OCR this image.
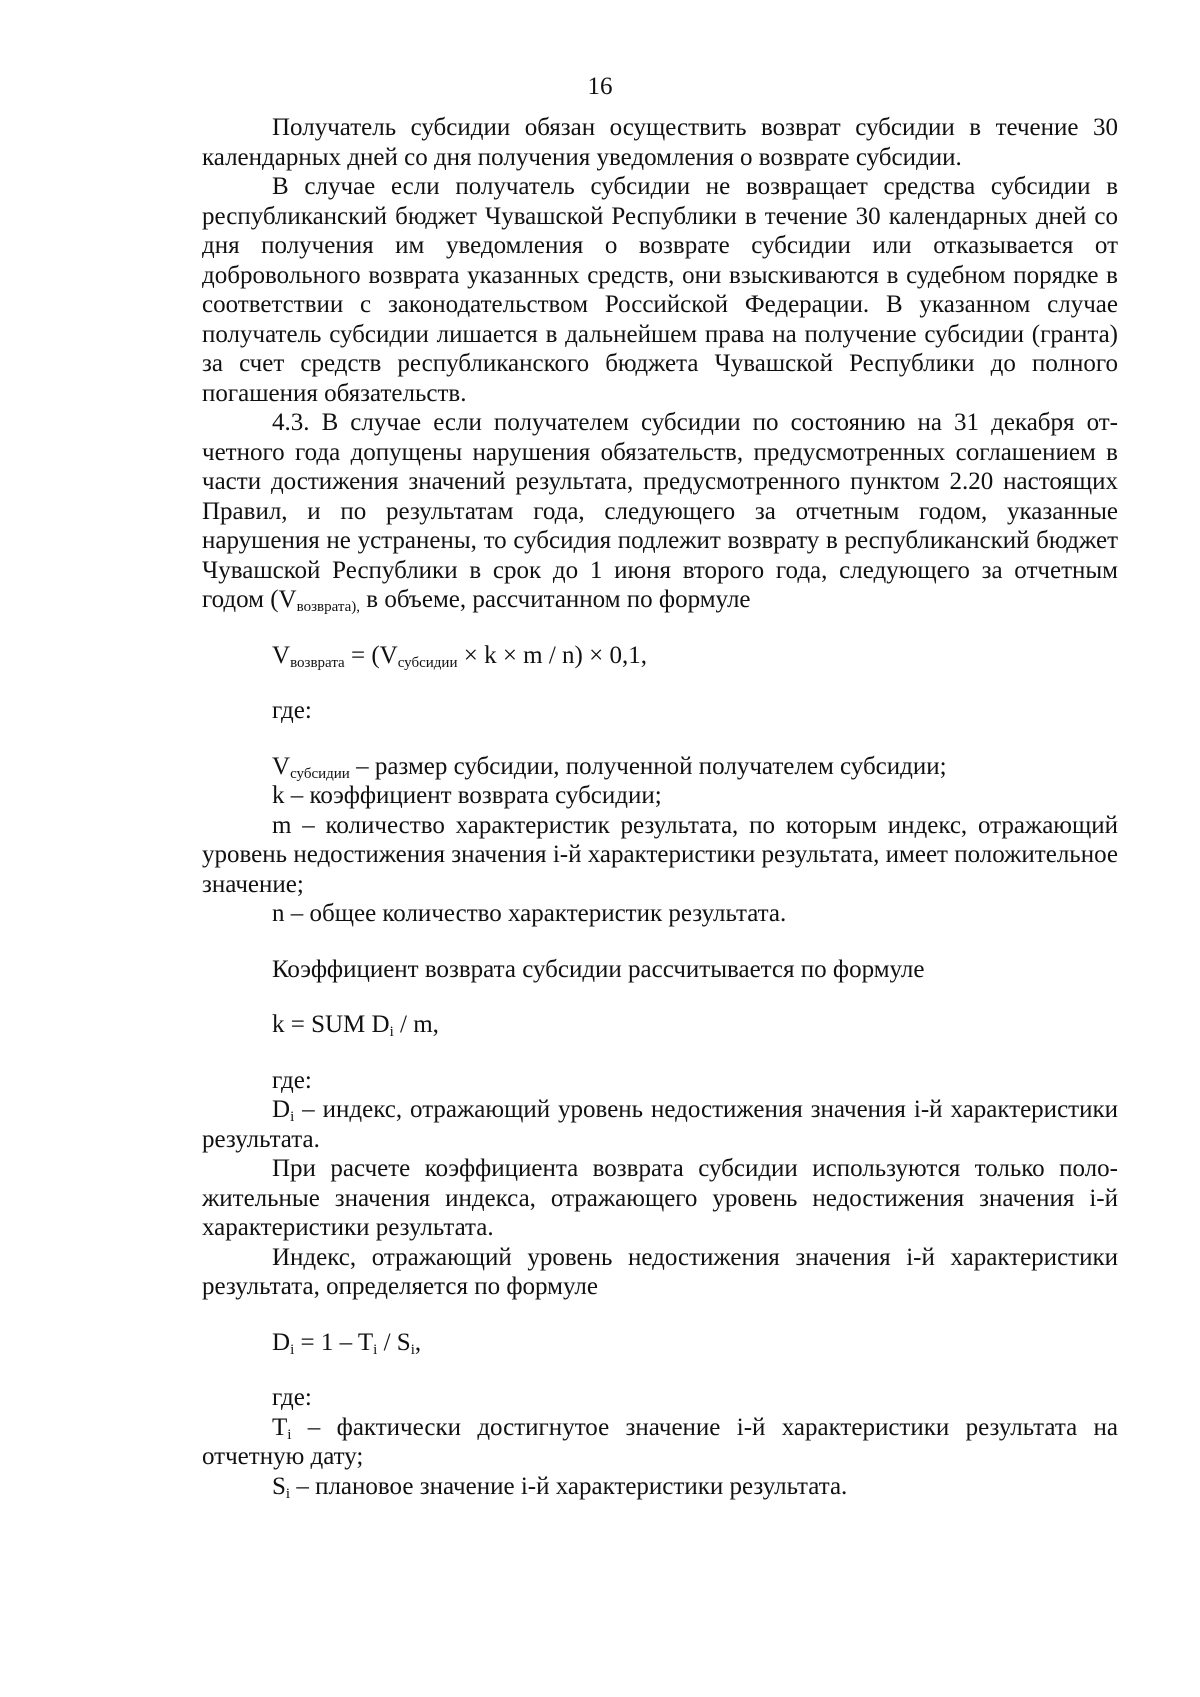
16

Получатель субсидии обязан осуществить возврат субсидии в течение 30 календарных дней со дня получения уведомления о возврате субсидии.

В случае если получатель субсидии не возвращает средства субсидии в республиканский бюджет Чувашской Республики в течение 30 календарных дней со дня получения им уведомления о возврате субсидии или отказывается от добровольного возврата указанных средств, они взыскиваются в судебном порядке в соответствии с законодательством Российской Федерации. В указанном случае получатель субсидии лишается в дальнейшем права на получение субсидии (гранта) за счет средств республиканского бюджета Чувашской Республики до полного погашения обязательств.

4.3. В случае если получателем субсидии по состоянию на 31 декабря отчетного года допущены нарушения обязательств, предусмотренных соглашением в части достижения значений результата, предусмотренного пунктом 2.20 настоящих Правил, и по результатам года, следующего за отчетным годом, указанные нарушения не устранены, то субсидия подлежит возврату в республиканский бюджет Чувашской Республики в срок до 1 июня второго года, следующего за отчетным годом ($V_{возврата),}$ в объеме, рассчитанном по формуле

$V_{возврата} = (V_{субсидии} \times k \times m / n) \times 0,1$,

где:

$V_{субсидии}$ – размер субсидии, полученной получателем субсидии;

k – коэффициент возврата субсидии;

m – количество характеристик результата, по которым индекс, отражающий уровень недостижения значения i-й характеристики результата, имеет положительное значение;

n – общее количество характеристик результата.

Коэффициент возврата субсидии рассчитывается по формуле

k = SUM $D_i$ / m,

где:

$D_i$ – индекс, отражающий уровень недостижения значения i-й характеристики результата.

При расчете коэффициента возврата субсидии используются только положительные значения индекса, отражающего уровень недостижения значения i-й характеристики результата.

Индекс, отражающий уровень недостижения значения i-й характеристики результата, определяется по формуле

$D_i = 1 - T_i / S_i$,

где:

$T_i$ – фактически достигнутое значение i-й характеристики результата на отчетную дату;

$S_i$ – плановое значение i-й характеристики результата.
